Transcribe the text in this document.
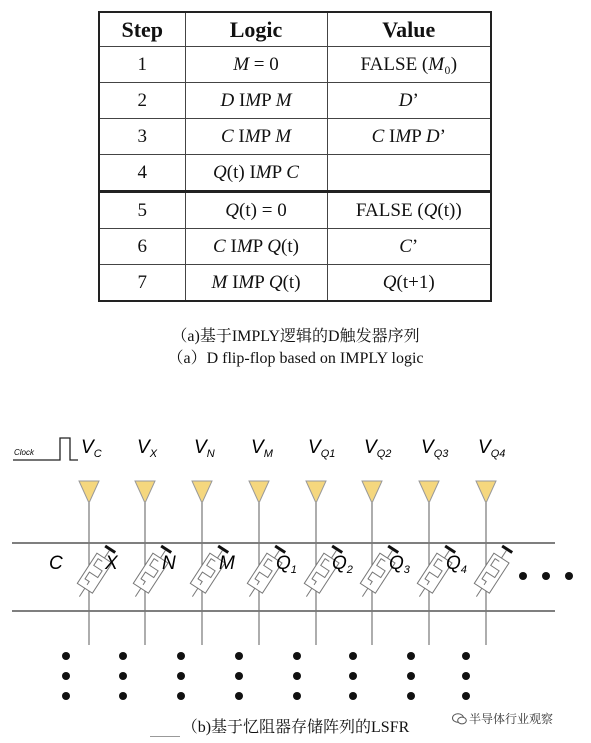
Step	Logic	Value
1	M = 0	FALSE (M₀)
2	D IMP M	D’
3	C IMP M	C IMP D’
4	Q(t) IMP C	
5	Q(t) = 0	FALSE (Q(t))
6	C IMP Q(t)	C’
7	M IMP Q(t)	Q(t+1)
（a)基于IMPLY逻辑的D触发器序列
（a）D flip-flop based on IMPLY logic
Clock $V_C$
C
$V_X$
X
$V_N$
N
$V_M$
M
$V_{Q1}$
$Q_1$
$V_{Q2}$
$Q_2$
$V_{Q3}$
$Q_3$
$V_{Q4}$
$Q_4$
（b)基于忆阻器存储阵列的LSFR	半导体行业观察
